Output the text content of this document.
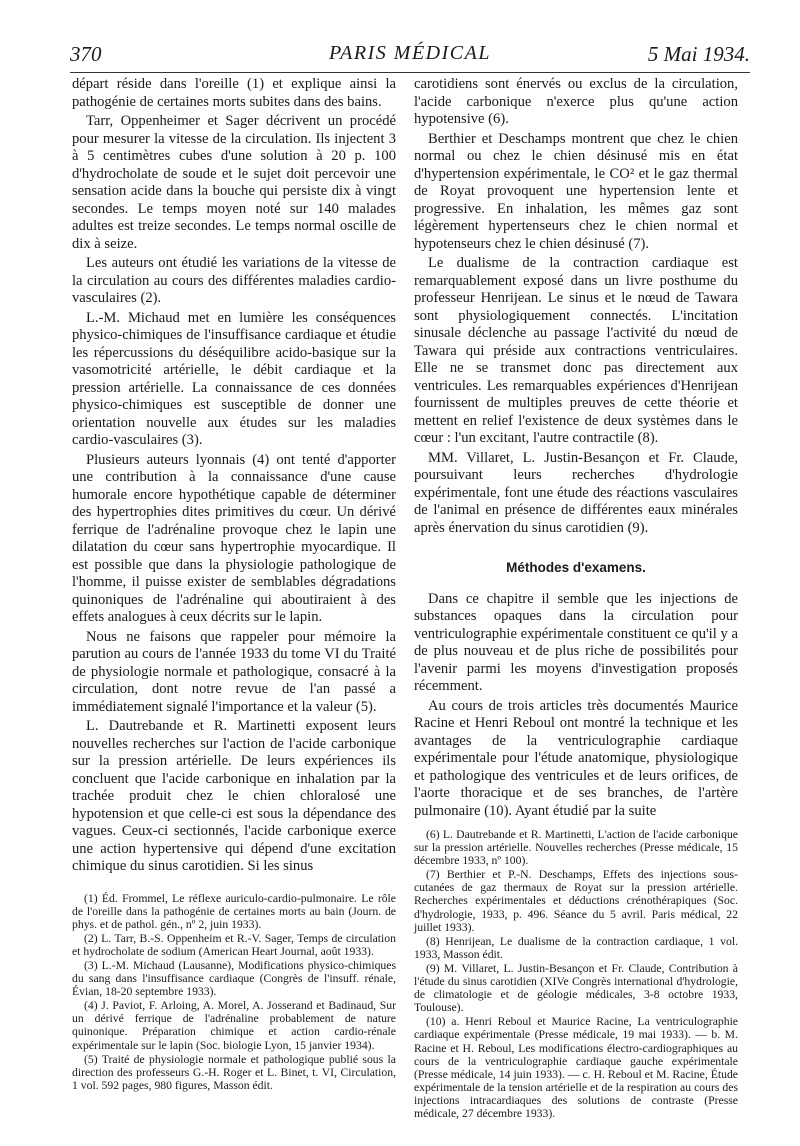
370	PARIS MÉDICAL	5 Mai 1934.

départ réside dans l'oreille (1) et explique ainsi la pathogénie de certaines morts subites dans des bains.

Tarr, Oppenheimer et Sager décrivent un procédé pour mesurer la vitesse de la circulation. Ils injectent 3 à 5 centimètres cubes d'une solution à 20 p. 100 d'hydrocholate de soude et le sujet doit percevoir une sensation acide dans la bouche qui persiste dix à vingt secondes. Le temps moyen noté sur 140 malades adultes est treize secondes. Le temps normal oscille de dix à seize.

Les auteurs ont étudié les variations de la vitesse de la circulation au cours des différentes maladies cardio-vasculaires (2).

L.-M. Michaud met en lumière les conséquences physico-chimiques de l'insuffisance cardiaque et étudie les répercussions du déséquilibre acido-basique sur la vasomotricité artérielle, le débit cardiaque et la pression artérielle. La connaissance de ces données physico-chimiques est susceptible de donner une orientation nouvelle aux études sur les maladies cardio-vasculaires (3).

Plusieurs auteurs lyonnais (4) ont tenté d'apporter une contribution à la connaissance d'une cause humorale encore hypothétique capable de déterminer des hypertrophies dites primitives du cœur. Un dérivé ferrique de l'adrénaline provoque chez le lapin une dilatation du cœur sans hypertrophie myocardique. Il est possible que dans la physiologie pathologique de l'homme, il puisse exister de semblables dégradations quinoniques de l'adrénaline qui aboutiraient à des effets analogues à ceux décrits sur le lapin.

Nous ne faisons que rappeler pour mémoire la parution au cours de l'année 1933 du tome VI du Traité de physiologie normale et pathologique, consacré à la circulation, dont notre revue de l'an passé a immédiatement signalé l'importance et la valeur (5).

L. Dautrebande et R. Martinetti exposent leurs nouvelles recherches sur l'action de l'acide carbonique sur la pression artérielle. De leurs expériences ils concluent que l'acide carbonique en inhalation par la trachée produit chez le chien chloralosé une hypotension et que celle-ci est sous la dépendance des vagues. Ceux-ci sectionnés, l'acide carbonique exerce une action hypertensive qui dépend d'une excitation chimique du sinus carotidien. Si les sinus

(1) Éd. Frommel, Le réflexe auriculo-cardio-pulmonaire. Le rôle de l'oreille dans la pathogénie de certaines morts au bain (Journ. de phys. et de pathol. gén., nº 2, juin 1933).

(2) L. Tarr, B.-S. Oppenheim et R.-V. Sager, Temps de circulation et hydrocholate de sodium (American Heart Journal, août 1933).

(3) L.-M. Michaud (Lausanne), Modifications physico-chimiques du sang dans l'insuffisance cardiaque (Congrès de l'insuff. rénale, Évian, 18-20 septembre 1933).

(4) J. Paviot, F. Arloing, A. Morel, A. Josserand et Badinaud, Sur un dérivé ferrique de l'adrénaline probablement de nature quinonique. Préparation chimique et action cardio-rénale expérimentale sur le lapin (Soc. biologie Lyon, 15 janvier 1934).

(5) Traité de physiologie normale et pathologique publié sous la direction des professeurs G.-H. Roger et L. Binet, t. VI, Circulation, 1 vol. 592 pages, 980 figures, Masson édit.

carotidiens sont énervés ou exclus de la circulation, l'acide carbonique n'exerce plus qu'une action hypotensive (6).

Berthier et Deschamps montrent que chez le chien normal ou chez le chien désinusé mis en état d'hypertension expérimentale, le CO² et le gaz thermal de Royat provoquent une hypertension lente et progressive. En inhalation, les mêmes gaz sont légèrement hypertenseurs chez le chien normal et hypotenseurs chez le chien désinusé (7).

Le dualisme de la contraction cardiaque est remarquablement exposé dans un livre posthume du professeur Henrijean. Le sinus et le nœud de Tawara sont physiologiquement connectés. L'incitation sinusale déclenche au passage l'activité du nœud de Tawara qui préside aux contractions ventriculaires. Elle ne se transmet donc pas directement aux ventricules. Les remarquables expériences d'Henrijean fournissent de multiples preuves de cette théorie et mettent en relief l'existence de deux systèmes dans le cœur : l'un excitant, l'autre contractile (8).

MM. Villaret, L. Justin-Besançon et Fr. Claude, poursuivant leurs recherches d'hydrologie expérimentale, font une étude des réactions vasculaires de l'animal en présence de différentes eaux minérales après énervation du sinus carotidien (9).

Méthodes d'examens.

Dans ce chapitre il semble que les injections de substances opaques dans la circulation pour ventriculographie expérimentale constituent ce qu'il y a de plus nouveau et de plus riche de possibilités pour l'avenir parmi les moyens d'investigation proposés récemment.

Au cours de trois articles très documentés Maurice Racine et Henri Reboul ont montré la technique et les avantages de la ventriculographie cardiaque expérimentale pour l'étude anatomique, physiologique et pathologique des ventricules et de leurs orifices, de l'aorte thoracique et de ses branches, de l'artère pulmonaire (10). Ayant étudié par la suite

(6) L. Dautrebande et R. Martinetti, L'action de l'acide carbonique sur la pression artérielle. Nouvelles recherches (Presse médicale, 15 décembre 1933, nº 100).

(7) Berthier et P.-N. Deschamps, Effets des injections sous-cutanées de gaz thermaux de Royat sur la pression artérielle. Recherches expérimentales et déductions crénothérapiques (Soc. d'hydrologie, 1933, p. 496. Séance du 5 avril. Paris médical, 22 juillet 1933).

(8) Henrijean, Le dualisme de la contraction cardiaque, 1 vol. 1933, Masson édit.

(9) M. Villaret, L. Justin-Besançon et Fr. Claude, Contribution à l'étude du sinus carotidien (XIVe Congrès international d'hydrologie, de climatologie et de géologie médicales, 3-8 octobre 1933, Toulouse).

(10) a. Henri Reboul et Maurice Racine, La ventriculographie cardiaque expérimentale (Presse médicale, 19 mai 1933). — b. M. Racine et H. Reboul, Les modifications électro-cardiographiques au cours de la ventriculographie cardiaque gauche expérimentale (Presse médicale, 14 juin 1933). — c. H. Reboul et M. Racine, Étude expérimentale de la tension artérielle et de la respiration au cours des injections intracardiaques des solutions de contraste (Presse médicale, 27 décembre 1933).
